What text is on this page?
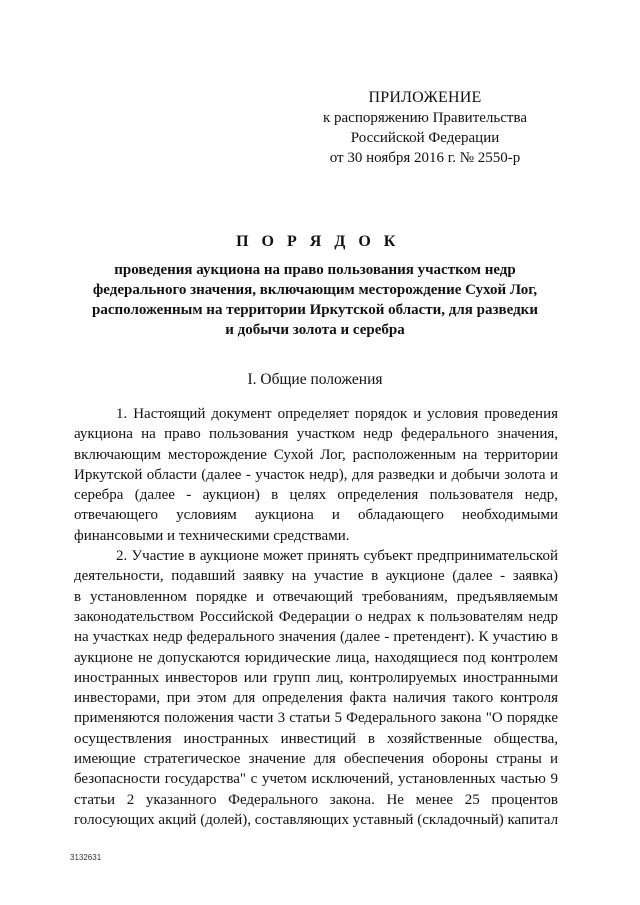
ПРИЛОЖЕНИЕ
к распоряжению Правительства
Российской Федерации
от 30 ноября 2016 г. № 2550-р
П О Р Я Д О К
проведения аукциона на право пользования участком недр
федерального значения, включающим месторождение Сухой Лог,
расположенным на территории Иркутской области, для разведки
и добычи золота и серебра
I. Общие положения
1. Настоящий документ определяет порядок и условия проведения
аукциона на право пользования участком недр федерального значения,
включающим месторождение Сухой Лог, расположенным на территории
Иркутской области (далее - участок недр), для разведки и добычи золота и
серебра (далее - аукцион) в целях определения пользователя недр,
отвечающего условиям аукциона и обладающего необходимыми
финансовыми и техническими средствами.
2. Участие в аукционе может принять субъект предпринимательской
деятельности, подавший заявку на участие в аукционе (далее - заявка)
в установленном порядке и отвечающий требованиям, предъявляемым
законодательством Российской Федерации о недрах к пользователям недр
на участках недр федерального значения (далее - претендент). К участию в
аукционе не допускаются юридические лица, находящиеся под контролем
иностранных инвесторов или групп лиц, контролируемых иностранными
инвесторами, при этом для определения факта наличия такого контроля
применяются положения части 3 статьи 5 Федерального закона "О порядке
осуществления иностранных инвестиций в хозяйственные общества,
имеющие стратегическое значение для обеспечения обороны страны и
безопасности государства" с учетом исключений, установленных частью 9
статьи 2 указанного Федерального закона. Не менее 25 процентов
голосующих акций (долей), составляющих уставный (складочный) капитал
3132631
